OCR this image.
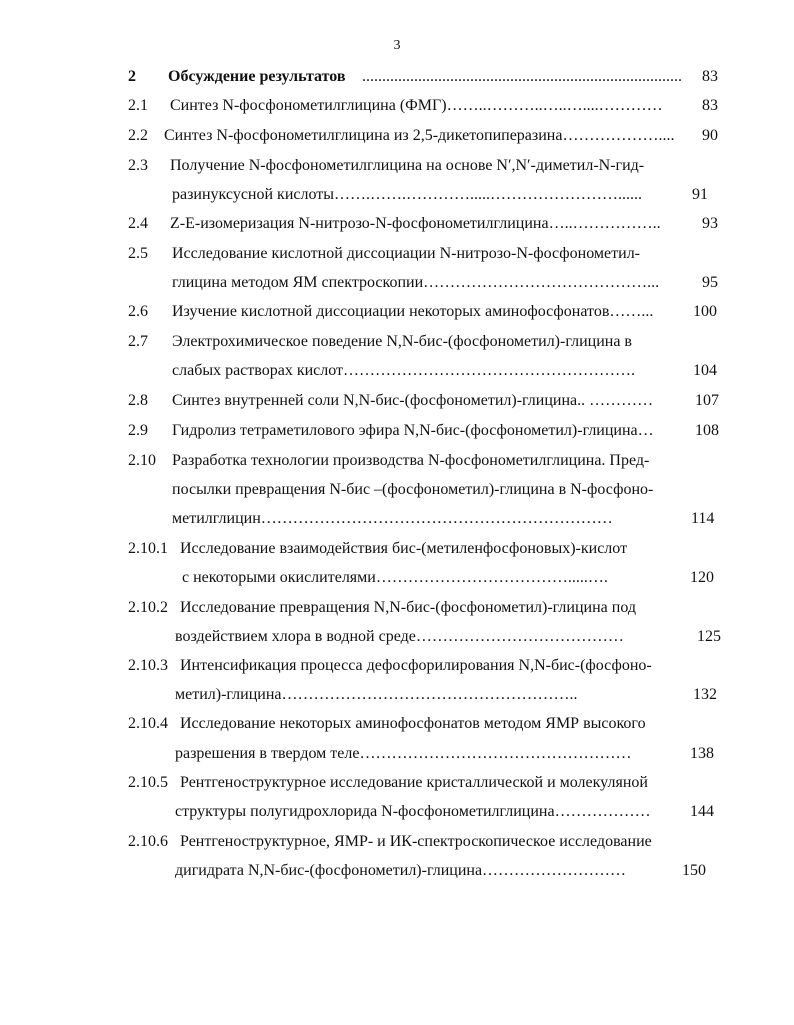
3
2 Обсуждение результатов ................................................................................ 83
2.1 Синтез N-фосфонометилглицина (ФМГ)……..………..…..…....………… 83
2.2 Синтез N-фосфонометилглицина из 2,5-дикетопиперазина……………….... 90
2.3 Получение N-фосфонометилглицина на основе N′,N′-диметил-N-гид-
разинуксусной кислоты…….…….………….....……………………......	91
2.4 Z-E-изомеризация N-нитрозо-N-фосфонометилглицина…..……………..	93
2.5 Исследование кислотной диссоциации N-нитрозо-N-фосфонометил-
глицина методом ЯМ спектроскопии……………………………………...	95
2.6 Изучение кислотной диссоциации некоторых аминофосфонатов……... 100
2.7 Электрохимическое поведение N,N-бис-(фосфонометил)-глицина в
слабых растворах кислот……………………………………………….	104
2.8 Синтез внутренней соли N,N-бис-(фосфонометил)-глицина.. …………	107
2.9 Гидролиз тетраметилового эфира N,N-бис-(фосфонометил)-глицина…	108
2.10 Разработка технологии производства N-фосфонометилглицина. Пред-
посылки превращения N-бис –(фосфонометил)-глицина в N-фосфоно-
метилглицин…………………………………………………………	114
2.10.1 Исследование взаимодействия бис-(метиленфосфоновых)-кислот
с некоторыми окислителями……………………………….....….	120
2.10.2 Исследование превращения N,N-бис-(фосфонометил)-глицина под
воздействием хлора в водной среде…………………………………	125
2.10.3 Интенсификация процесса дефосфорилирования N,N-бис-(фосфоно-
метил)-глицина………………………………………………..	132
2.10.4 Исследование некоторых аминофосфонатов методом ЯМР высокого
разрешения в твердом теле……………………………………………	138
2.10.5 Рентгеноструктурное исследование кристаллической и молекуляной
структуры полугидрохлорида N-фосфонометилглицина……………… 144
2.10.6 Рентгеноструктурное, ЯМР- и ИК-спектроскопическое исследование
дигидрата N,N-бис-(фосфонометил)-глицина………………………	150
